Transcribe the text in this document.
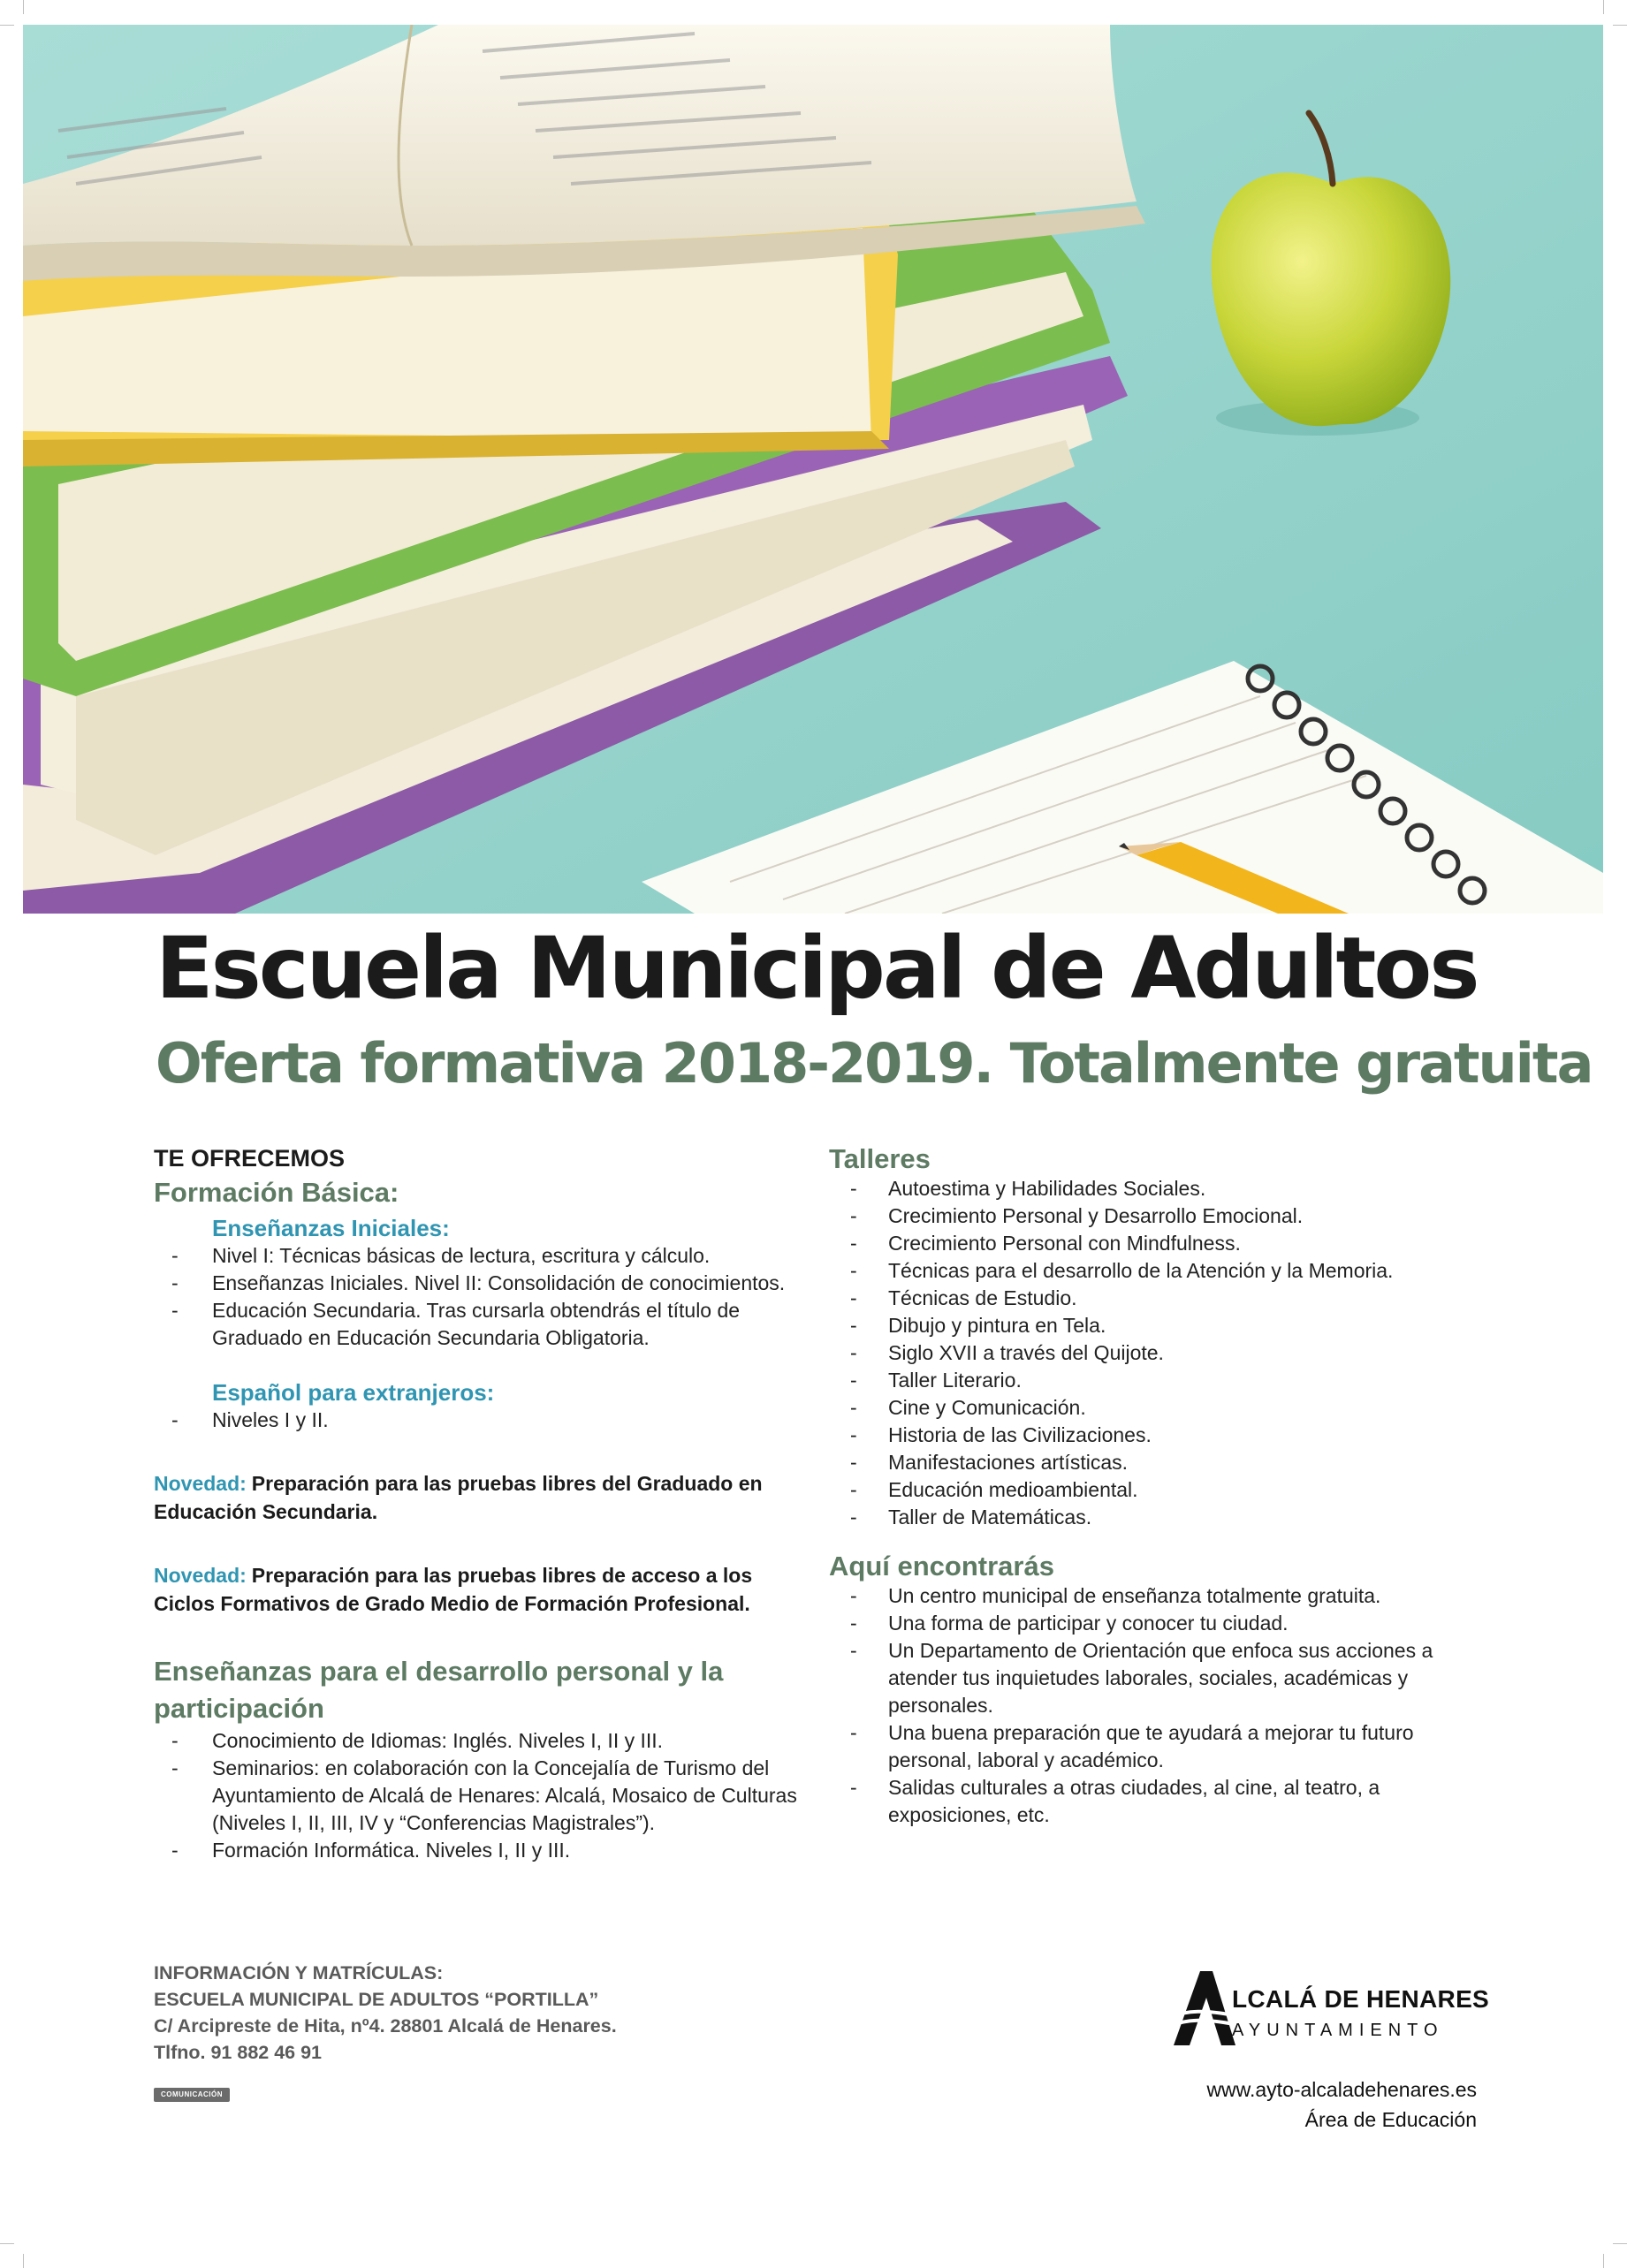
Escuela Municipal de Adultos
Oferta formativa 2018-2019. Totalmente gratuita
TE OFRECEMOS
Formación Básica:
Enseñanzas Iniciales:
- Nivel I: Técnicas básicas de lectura, escritura y cálculo.
- Enseñanzas Iniciales. Nivel II: Consolidación de conocimientos.
- Educación Secundaria. Tras cursarla obtendrás el título de Graduado en Educación Secundaria Obligatoria.
Español para extranjeros:
- Niveles I y II.
Novedad: Preparación para las pruebas libres del Graduado en Educación Secundaria.
Novedad: Preparación para las pruebas libres de acceso a los Ciclos Formativos de Grado Medio de Formación Profesional.
Enseñanzas para el desarrollo personal y la participación
- Conocimiento de Idiomas: Inglés. Niveles I, II y III.
- Seminarios: en colaboración con la Concejalía de Turismo del Ayuntamiento de Alcalá de Henares: Alcalá, Mosaico de Culturas (Niveles I, II, III, IV y “Conferencias Magistrales”).
- Formación Informática. Niveles I, II y III.
Talleres
- Autoestima y Habilidades Sociales.
- Crecimiento Personal y Desarrollo Emocional.
- Crecimiento Personal con Mindfulness.
- Técnicas para el desarrollo de la Atención y la Memoria.
- Técnicas de Estudio.
- Dibujo y pintura en Tela.
- Siglo XVII a través del Quijote.
- Taller Literario.
- Cine y Comunicación.
- Historia de las Civilizaciones.
- Manifestaciones artísticas.
- Educación medioambiental.
- Taller de Matemáticas.
Aquí encontrarás
- Un centro municipal de enseñanza totalmente gratuita.
- Una forma de participar y conocer tu ciudad.
- Un Departamento de Orientación que enfoca sus acciones a atender tus inquietudes laborales, sociales, académicas y personales.
- Una buena preparación que te ayudará a mejorar tu futuro personal, laboral y académico.
- Salidas culturales a otras ciudades, al cine, al teatro, a exposiciones, etc.
INFORMACIÓN Y MATRÍCULAS:
ESCUELA MUNICIPAL DE ADULTOS “PORTILLA”
C/ Arcipreste de Hita, nº4. 28801 Alcalá de Henares.
Tlfno. 91 882 46 91
COMUNICACIÓN
LCALÁ DE HENARES
AYUNTAMIENTO
www.ayto-alcaladehenares.es
Área de Educación
